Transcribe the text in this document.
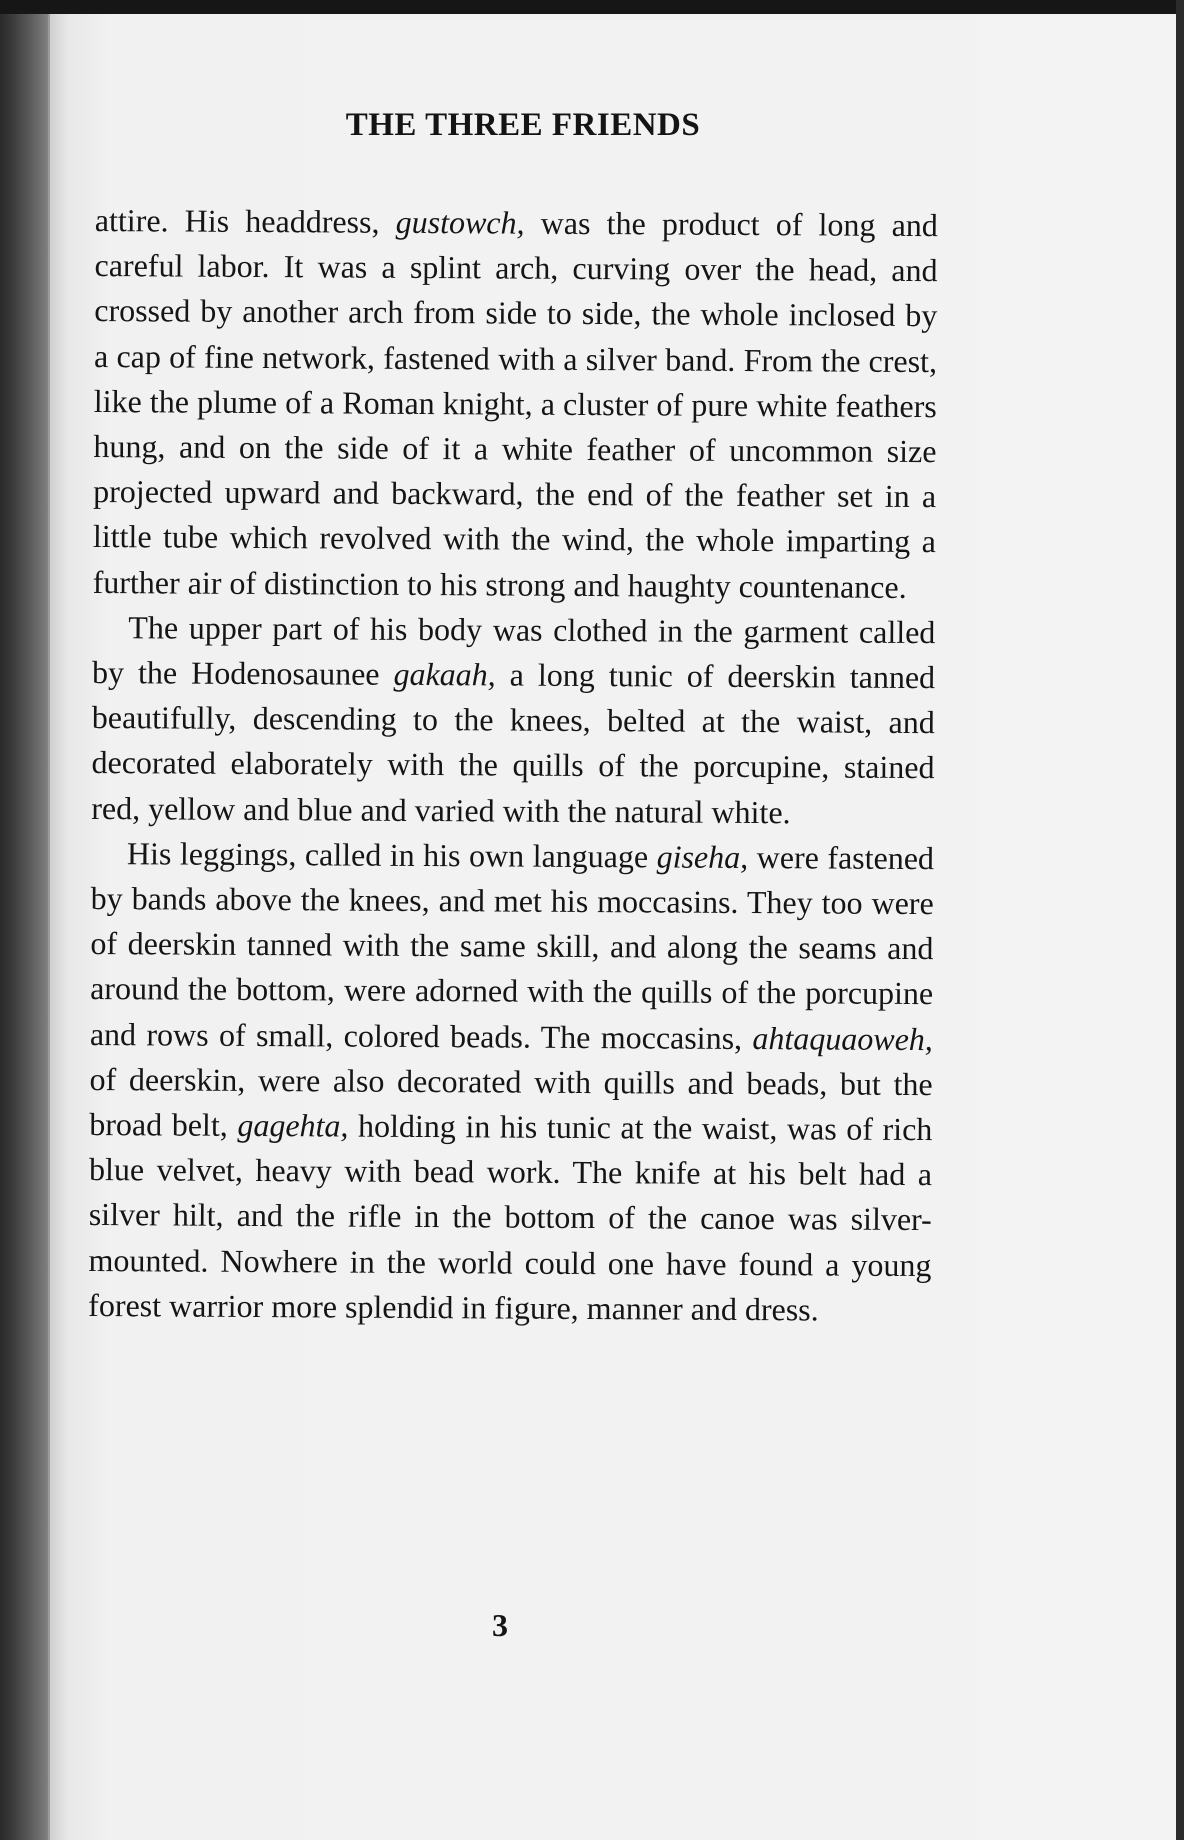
THE THREE FRIENDS

attire. His headdress, gustowch, was the product of long and careful labor. It was a splint arch, curving over the head, and crossed by another arch from side to side, the whole inclosed by a cap of fine network, fastened with a silver band. From the crest, like the plume of a Roman knight, a cluster of pure white feathers hung, and on the side of it a white feather of uncommon size projected upward and backward, the end of the feather set in a little tube which revolved with the wind, the whole imparting a further air of distinction to his strong and haughty countenance.

The upper part of his body was clothed in the garment called by the Hodenosaunee gakaah, a long tunic of deerskin tanned beautifully, descending to the knees, belted at the waist, and decorated elaborately with the quills of the porcupine, stained red, yellow and blue and varied with the natural white.

His leggings, called in his own language giseha, were fastened by bands above the knees, and met his moccasins. They too were of deerskin tanned with the same skill, and along the seams and around the bottom, were adorned with the quills of the porcupine and rows of small, colored beads. The moccasins, ahtaquaoweh, of deerskin, were also decorated with quills and beads, but the broad belt, gagehta, holding in his tunic at the waist, was of rich blue velvet, heavy with bead work. The knife at his belt had a silver hilt, and the rifle in the bottom of the canoe was silver-mounted. Nowhere in the world could one have found a young forest warrior more splendid in figure, manner and dress.

3
